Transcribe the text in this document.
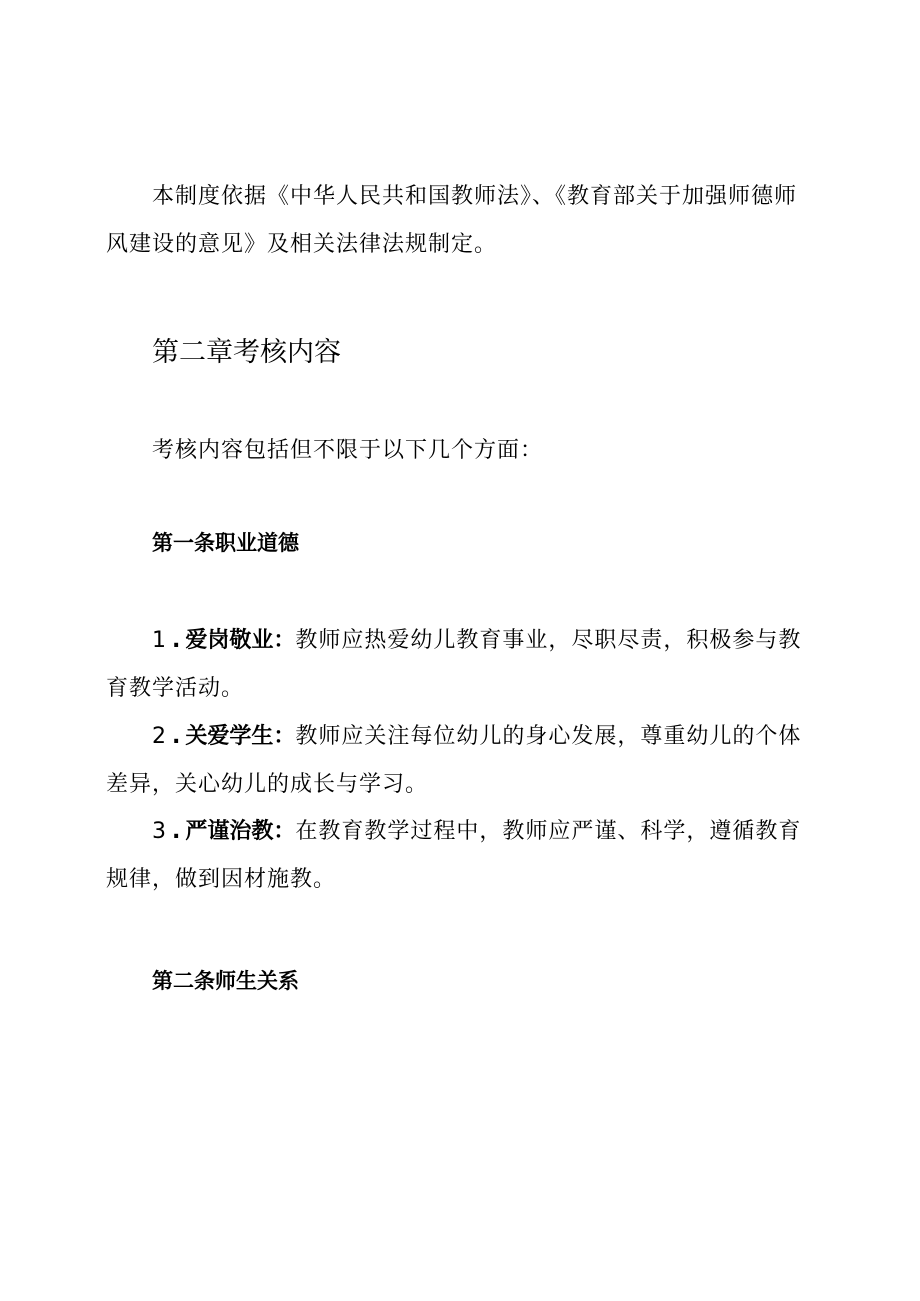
本制度依据《中华人民共和国教师法》、《教育部关于加强师德师风建设的意见》及相关法律法规制定。

第二章考核内容

考核内容包括但不限于以下几个方面：

第一条职业道德

1 . 爱岗敬业：教师应热爱幼儿教育事业，尽职尽责，积极参与教育教学活动。

2 . 关爱学生：教师应关注每位幼儿的身心发展，尊重幼儿的个体差异，关心幼儿的成长与学习。

3 . 严谨治教：在教育教学过程中，教师应严谨、科学，遵循教育规律，做到因材施教。

第二条师生关系
